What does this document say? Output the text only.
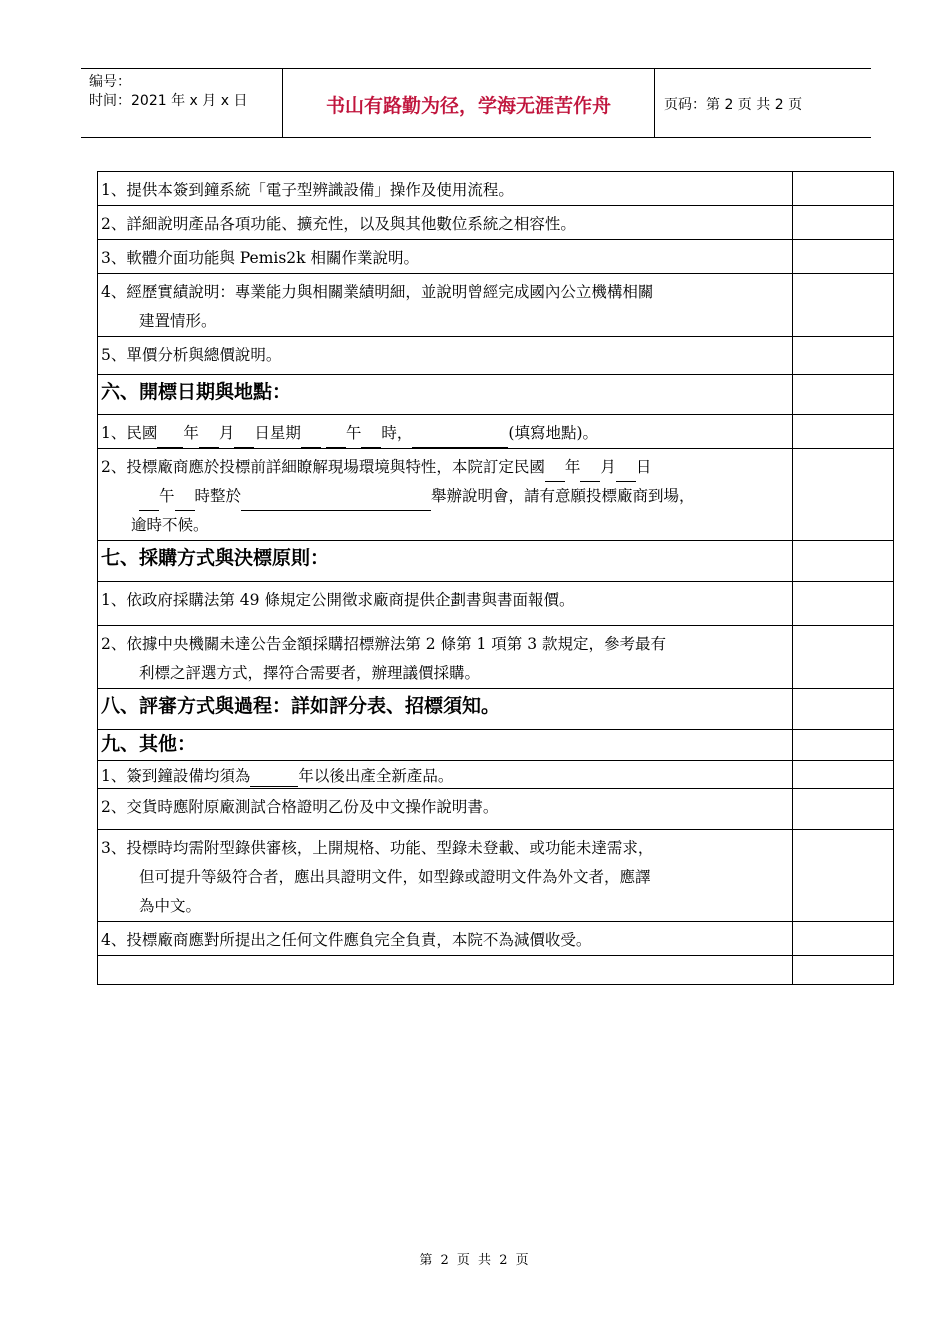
编号：
时间：2021 年 x 月 x 日	书山有路勤为径，学海无涯苦作舟	页码：第 2 页 共 2 页
1、提供本簽到鐘系統「電子型辨識設備」操作及使用流程。	
2、詳細說明產品各項功能、擴充性，以及與其他數位系統之相容性。	
3、軟體介面功能與 Pemis2k 相關作業說明。	
4、經歷實績說明：專業能力與相關業績明細，並說明曾經完成國內公立機構相關
建置情形。	

5、單價分析與總價說明。	
六、開標日期與地點：	
1、民國 年 月 日星期 午 時， (填寫地點)。	
2、投標廠商應於投標前詳細瞭解現場環境與特性，本院訂定民國 年 月 日
午 時整於 舉辦說明會，請有意願投標廠商到場，
逾時不候。	

七、採購方式與決標原則：	
1、依政府採購法第 49 條規定公開徵求廠商提供企劃書與書面報價。	
2、依據中央機關未達公告金額採購招標辦法第 2 條第 1 項第 3 款規定，參考最有
利標之評選方式，擇符合需要者，辦理議價採購。	

八、評審方式與過程：詳如評分表、招標須知。	
九、其他：	
1、簽到鐘設備均須為 年以後出產全新產品。	
2、交貨時應附原廠測試合格證明乙份及中文操作說明書。	
3、投標時均需附型錄供審核，上開規格、功能、型錄未登載、或功能未達需求，
但可提升等級符合者，應出具證明文件，如型錄或證明文件為外文者，應譯
為中文。	

4、投標廠商應對所提出之任何文件應負完全負責，本院不為減價收受。	

第 2 页 共 2 页
